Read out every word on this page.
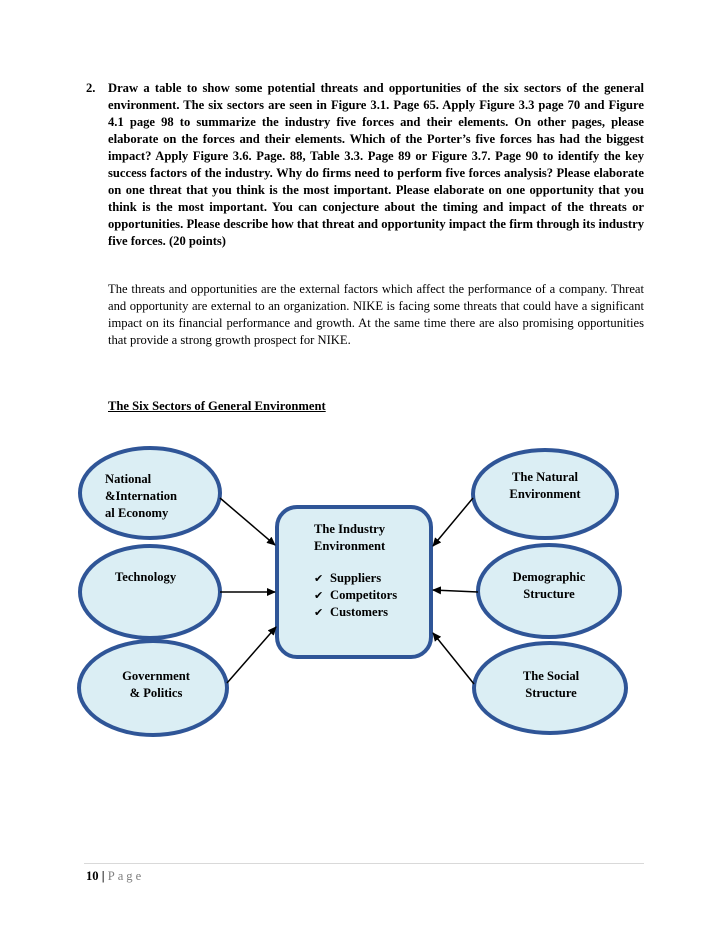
2. Draw a table to show some potential threats and opportunities of the six sectors of the general environment. The six sectors are seen in Figure 3.1. Page 65. Apply Figure 3.3 page 70 and Figure 4.1 page 98 to summarize the industry five forces and their elements. On other pages, please elaborate on the forces and their elements. Which of the Porter’s five forces has had the biggest impact? Apply Figure 3.6. Page. 88, Table 3.3. Page 89 or Figure 3.7. Page 90 to identify the key success factors of the industry. Why do firms need to perform five forces analysis? Please elaborate on one threat that you think is the most important. Please elaborate on one opportunity that you think is the most important. You can conjecture about the timing and impact of the threats or opportunities. Please describe how that threat and opportunity impact the firm through its industry five forces. (20 points)
The threats and opportunities are the external factors which affect the performance of a company. Threat and opportunity are external to an organization. NIKE is facing some threats that could have a significant impact on its financial performance and growth. At the same time there are also promising opportunities that provide a strong growth prospect for NIKE.
The Six Sectors of General Environment
National
&Internation
al Economy
Technology
Government
& Politics
The Natural
Environment
Demographic
Structure
The Social
Structure
The Industry
Environment
✔ Suppliers
✔ Competitors
✔ Customers
10 | Page
